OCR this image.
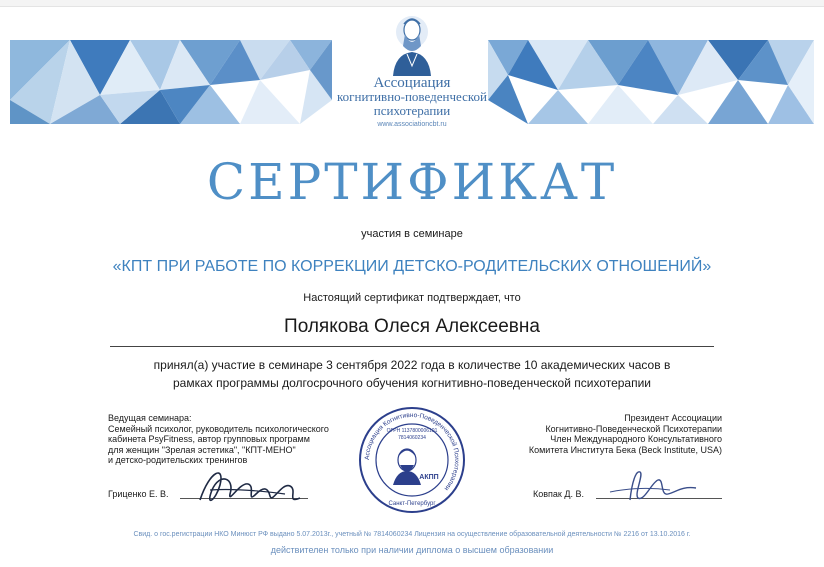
Ассоциация
когнитивно-поведенческой
психотерапии
www.associationcbt.ru
СЕРТИФИКАТ
участия в семинаре
«КПТ ПРИ РАБОТЕ ПО КОРРЕКЦИИ ДЕТСКО-РОДИТЕЛЬСКИХ ОТНОШЕНИЙ»
Настоящий сертификат подтверждает, что
Полякова Олеся Алексеевна
принял(а) участие в семинаре 3 сентября 2022 года в количестве 10 академических часов в
рамках программы долгосрочного обучения когнитивно-поведенческой психотерапии
Ведущая семинара:
Семейный психолог, руководитель психологического
кабинета PsyFitness, автор групповых программ
для женщин "Зрелая эстетика", "КПТ-МЕНО"
и детско-родительских тренингов
Президент Ассоциации
Когнитивно-Поведенческой Психотерапии
Член Международного Консультативного
Комитета Института Бека (Beck Institute, USA)
Гриценко Е. В.	Ковпак Д. В.
Ассоциация Когнитивно-Поведенческой Психотерапии
ОГРН 1137800006101
7814060234
АКПП
Санкт-Петербург
Свид. о гос.регистрации НКО Минюст РФ выдано 5.07.2013г., учетный № 7814060234 Лицензия на осуществление образовательной деятельности № 2216 от 13.10.2016 г.
действителен только при наличии диплома о высшем образовании
